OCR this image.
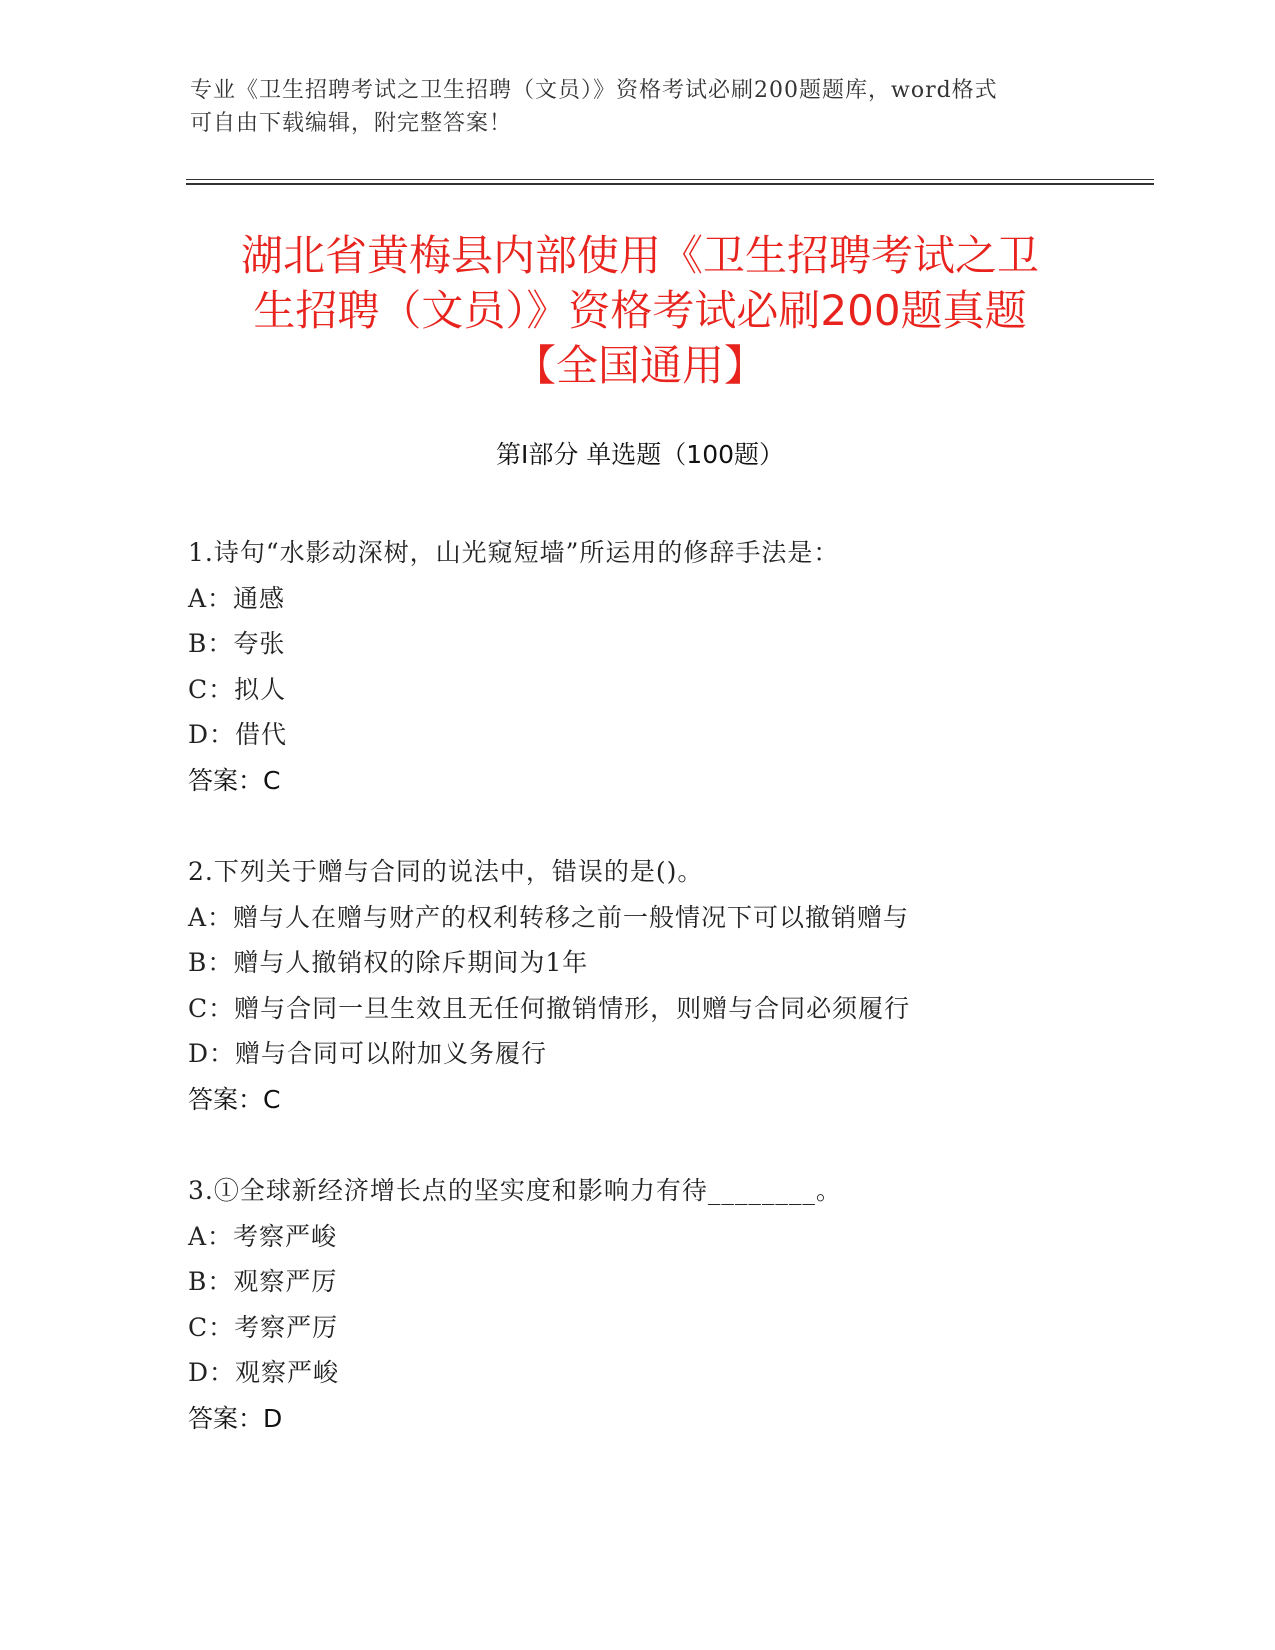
专业《卫生招聘考试之卫生招聘（文员）》资格考试必刷200题题库，word格式
可自由下载编辑，附完整答案！
湖北省黄梅县内部使用《卫生招聘考试之卫
生招聘（文员）》资格考试必刷200题真题
【全国通用】
第I部分 单选题（100题）
1.诗句“水影动深树，山光窥短墙”所运用的修辞手法是：
A：通感
B：夸张
C：拟人
D：借代
答案：C
2.下列关于赠与合同的说法中，错误的是()。
A：赠与人在赠与财产的权利转移之前一般情况下可以撤销赠与
B：赠与人撤销权的除斥期间为1年
C：赠与合同一旦生效且无任何撤销情形，则赠与合同必须履行
D：赠与合同可以附加义务履行
答案：C
3.①全球新经济增长点的坚实度和影响力有待________。
A：考察严峻
B：观察严厉
C：考察严厉
D：观察严峻
答案：D
